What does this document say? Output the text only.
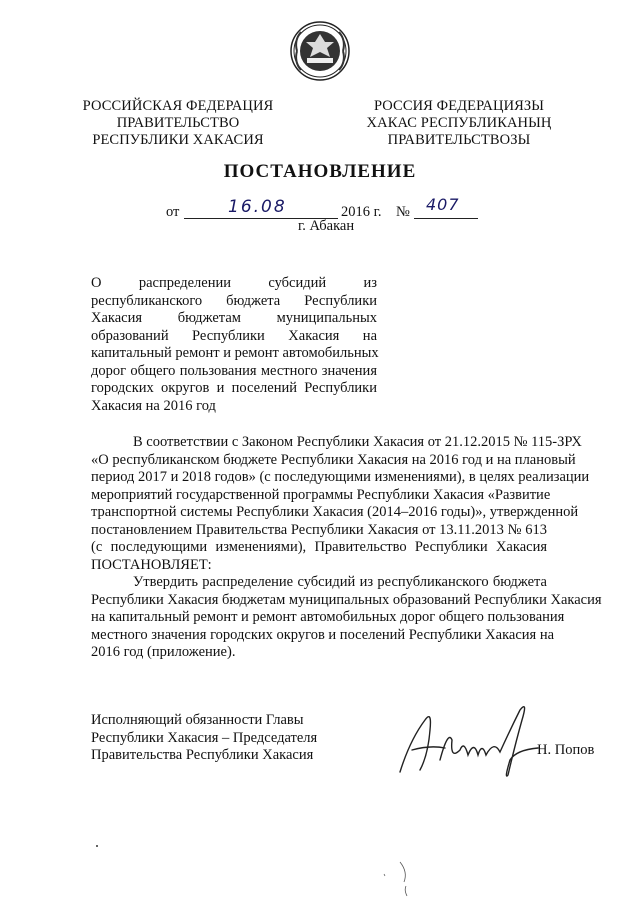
РОССИЙСКАЯ ФЕДЕРАЦИЯ
ПРАВИТЕЛЬСТВО
РЕСПУБЛИКИ ХАКАСИЯ
РОССИЯ ФЕДЕРАЦИЯЗЫ
ХАКАС РЕСПУБЛИКАНЫҢ
ПРАВИТЕЛЬСТВОЗЫ
ПОСТАНОВЛЕНИЕ
от	16.08	2016 г. № 407
г. Абакан
О распределении субсидий из
республиканского бюджета Республики
Хакасия бюджетам муниципальных
образований Республики Хакасия на
капитальный ремонт и ремонт автомобильных
дорог общего пользования местного значения
городских округов и поселений Республики
Хакасия на 2016 год
В соответствии с Законом Республики Хакасия от 21.12.2015 № 115-ЗРХ
«О республиканском бюджете Республики Хакасия на 2016 год и на плановый
период 2017 и 2018 годов» (с последующими изменениями), в целях реализации
мероприятий государственной программы Республики Хакасия «Развитие
транспортной системы Республики Хакасия (2014–2016 годы)», утвержденной
постановлением Правительства Республики Хакасия от 13.11.2013 № 613
(с последующими изменениями), Правительство Республики Хакасия
ПОСТАНОВЛЯЕТ:
Утвердить распределение субсидий из республиканского бюджета
Республики Хакасия бюджетам муниципальных образований Республики Хакасия
на капитальный ремонт и ремонт автомобильных дорог общего пользования
местного значения городских округов и поселений Республики Хакасия на
2016 год (приложение).
Исполняющий обязанности Главы
Республики Хакасия – Председателя
Правительства Республики Хакасия	Н. Попов
